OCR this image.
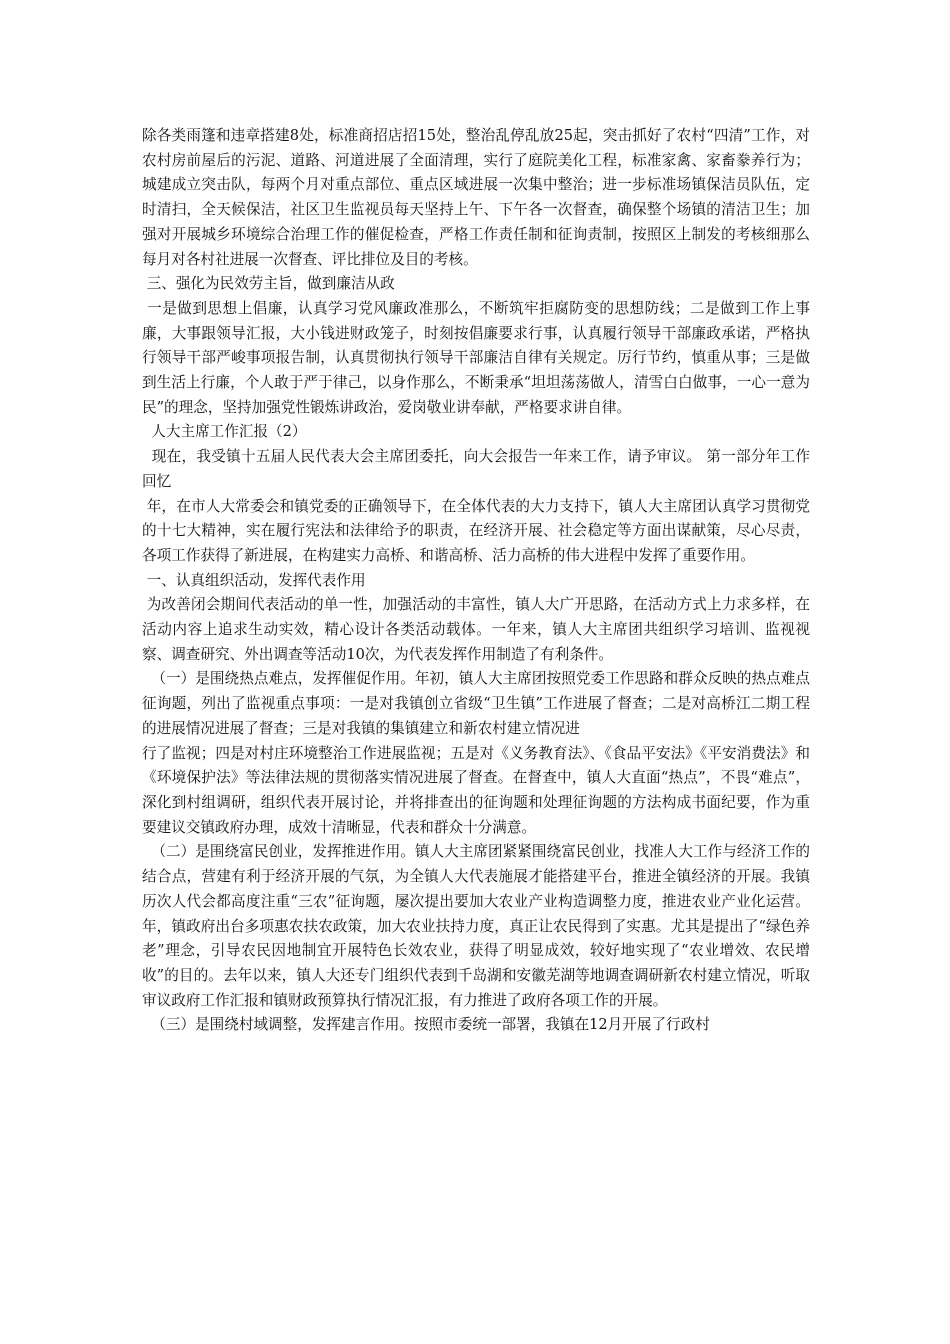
除各类雨篷和违章搭建8处，标准商招店招15处，整治乱停乱放25起，突击抓好了农村“四清”工作，对农村房前屋后的污泥、道路、河道进展了全面清理，实行了庭院美化工程，标准家禽、家畜豢养行为；城建成立突击队，每两个月对重点部位、重点区域进展一次集中整治；进一步标准场镇保洁员队伍，定时清扫，全天候保洁，社区卫生监视员每天坚持上午、下午各一次督查，确保整个场镇的清洁卫生；加强对开展城乡环境综合治理工作的催促检查，严格工作责任制和征询责制，按照区上制发的考核细那么每月对各村社进展一次督查、评比排位及目的考核。

三、强化为民效劳主旨，做到廉洁从政

一是做到思想上倡廉，认真学习党风廉政准那么，不断筑牢拒腐防变的思想防线；二是做到工作上事廉，大事跟领导汇报，大小钱进财政笼子，时刻按倡廉要求行事，认真履行领导干部廉政承诺，严格执行领导干部严峻事项报告制，认真贯彻执行领导干部廉洁自律有关规定。厉行节约，慎重从事；三是做到生活上行廉，个人敢于严于律己，以身作那么，不断秉承“坦坦荡荡做人，清雪白白做事，一心一意为民”的理念，坚持加强党性锻炼讲政治，爱岗敬业讲奉献，严格要求讲自律。

人大主席工作汇报（2）

现在，我受镇十五届人民代表大会主席团委托，向大会报告一年来工作，请予审议。 第一部分年工作回忆

年，在市人大常委会和镇党委的正确领导下，在全体代表的大力支持下，镇人大主席团认真学习贯彻党的十七大精神，实在履行宪法和法律给予的职责，在经济开展、社会稳定等方面出谋献策，尽心尽责，各项工作获得了新进展，在构建实力高桥、和谐高桥、活力高桥的伟大进程中发挥了重要作用。

一、认真组织活动，发挥代表作用

为改善闭会期间代表活动的单一性，加强活动的丰富性，镇人大广开思路，在活动方式上力求多样，在活动内容上追求生动实效，精心设计各类活动载体。一年来，镇人大主席团共组织学习培训、监视视察、调查研究、外出调查等活动10次，为代表发挥作用制造了有利条件。

（一）是围绕热点难点，发挥催促作用。年初，镇人大主席团按照党委工作思路和群众反映的热点难点征询题，列出了监视重点事项：一是对我镇创立省级“卫生镇”工作进展了督查；二是对高桥江二期工程的进展情况进展了督查；三是对我镇的集镇建立和新农村建立情况进

行了监视；四是对村庄环境整治工作进展监视；五是对《义务教育法》、《食品平安法》《平安消费法》和《环境保护法》等法律法规的贯彻落实情况进展了督查。在督查中，镇人大直面“热点”，不畏“难点”，深化到村组调研，组织代表开展讨论，并将排查出的征询题和处理征询题的方法构成书面纪要，作为重要建议交镇政府办理，成效十清晰显，代表和群众十分满意。

（二）是围绕富民创业，发挥推进作用。镇人大主席团紧紧围绕富民创业，找准人大工作与经济工作的结合点，营建有利于经济开展的气氛，为全镇人大代表施展才能搭建平台，推进全镇经济的开展。我镇历次人代会都高度注重“三农”征询题，屡次提出要加大农业产业构造调整力度，推进农业产业化运营。年，镇政府出台多项惠农扶农政策，加大农业扶持力度，真正让农民得到了实惠。尤其是提出了“绿色养老”理念，引导农民因地制宜开展特色长效农业，获得了明显成效，较好地实现了“农业增效、农民增收”的目的。去年以来，镇人大还专门组织代表到千岛湖和安徽芜湖等地调查调研新农村建立情况，听取审议政府工作汇报和镇财政预算执行情况汇报，有力推进了政府各项工作的开展。

（三）是围绕村域调整，发挥建言作用。按照市委统一部署，我镇在12月开展了行政村
